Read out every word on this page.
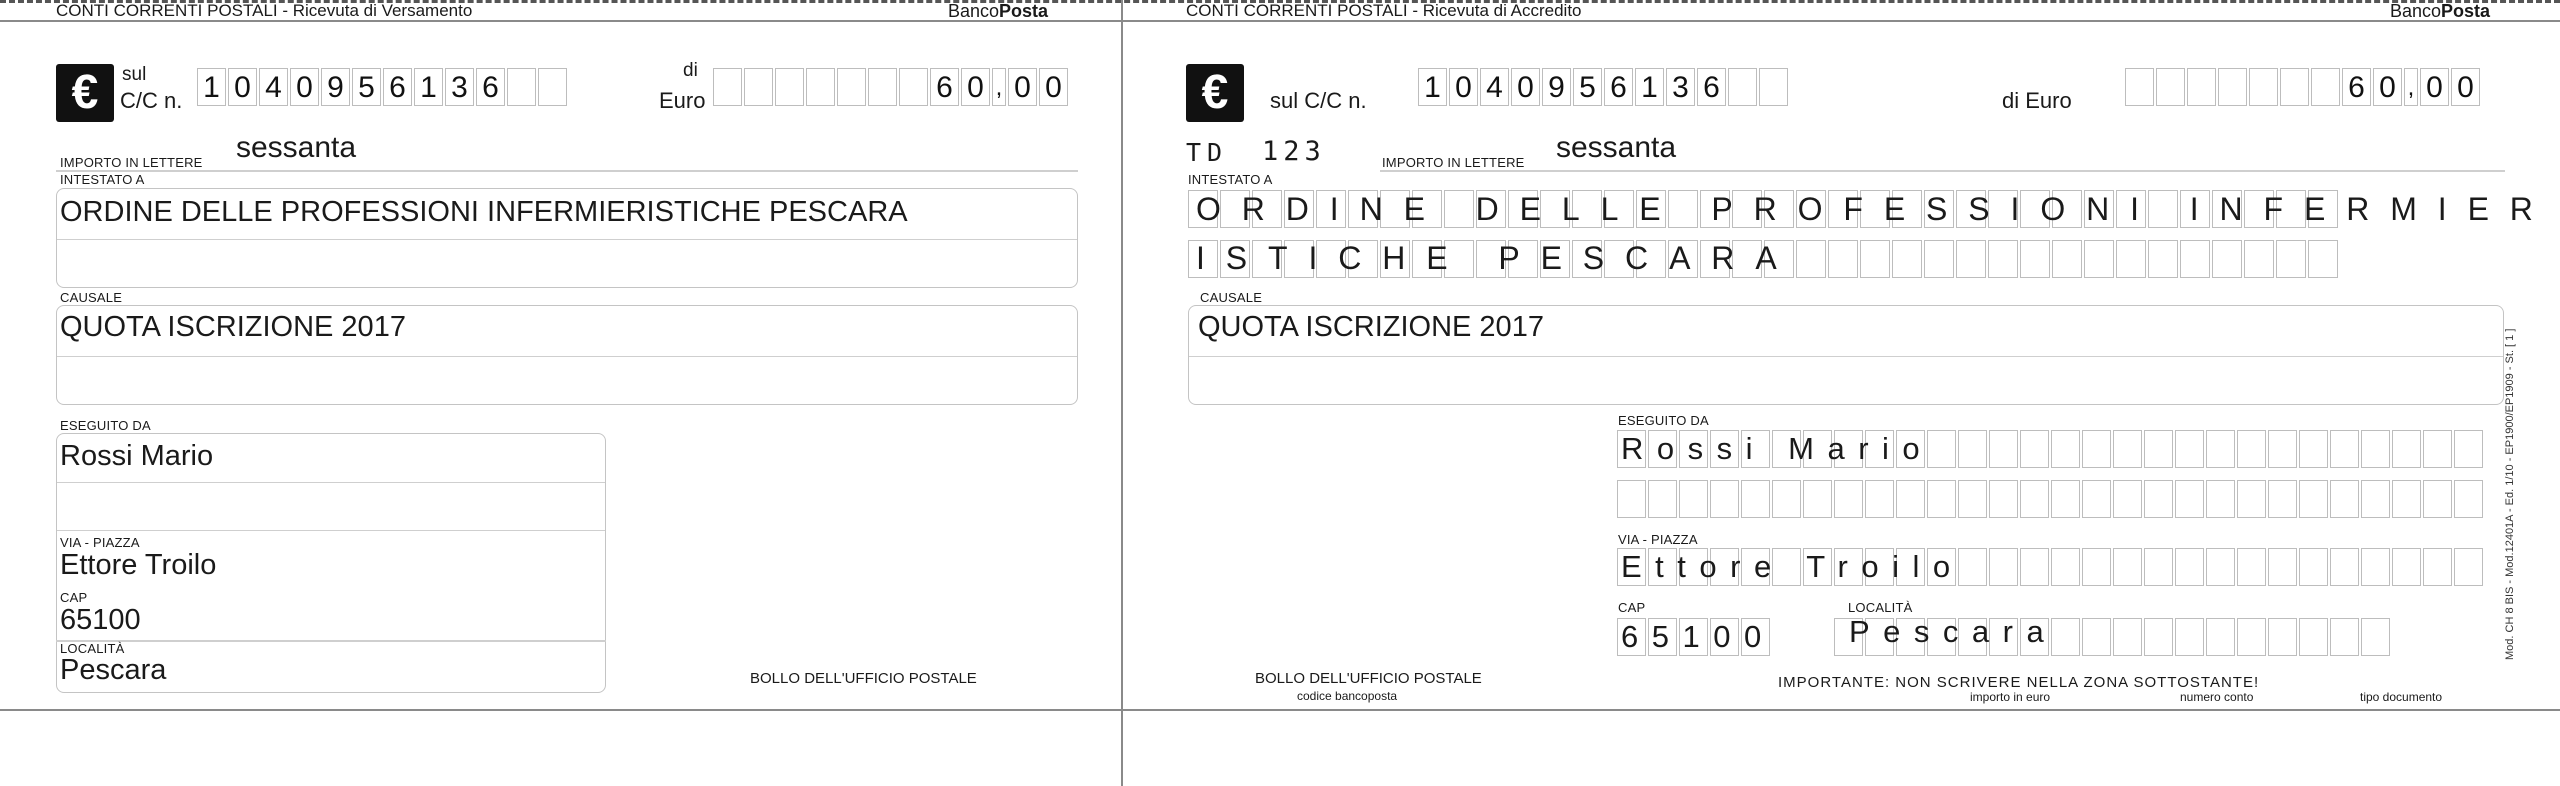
CONTI CORRENTI POSTALI - Ricevuta di Versamento	BancoPosta
€	sul
C/C n. 1 0 4 0 9 5 6 1 3 6
di
Euro	6 0 , 0 0
IMPORTO IN LETTERE sessanta
INTESTATO A
ORDINE DELLE PROFESSIONI INFERMIERISTICHE PESCARA
CAUSALE
QUOTA ISCRIZIONE 2017
ESEGUITO DA
Rossi Mario
VIA - PIAZZA
Ettore Troilo
CAP
65100
LOCALITÀ
Pescara	BOLLO DELL'UFFICIO POSTALE
CONTI CORRENTI POSTALI - Ricevuta di Accredito	BancoPosta
€	sul C/C n. 1 0 4 0 9 5 6 1 3 6	di Euro	6 0 , 0 0
TD 123	IMPORTO IN LETTERE sessanta
INTESTATO A
ORDINE DELLE PROFESSIONI INFERMIER
ISTICHE PESCARA
CAUSALE
QUOTA ISCRIZIONE 2017
ESEGUITO DA
Rossi Mario
VIA - PIAZZA
Ettore Troilo
CAP	LOCALITÀ
65100 Pescara
BOLLO DELL'UFFICIO POSTALE
codice bancoposta
IMPORTANTE: NON SCRIVERE NELLA ZONA SOTTOSTANTE!
importo in euro	numero conto	tipo documento
Mod. CH 8 BIS - Mod.12401A - Ed. 1/10 - EP1900/EP1909 - St. [ 1 ]
